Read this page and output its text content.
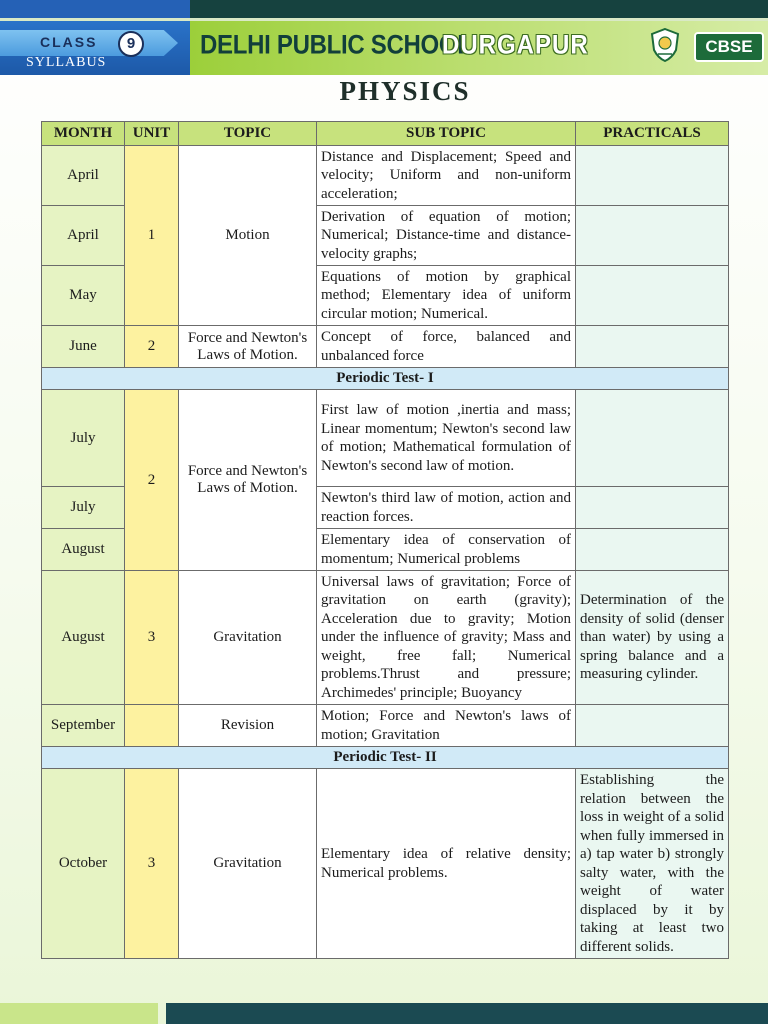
CLASS	9
SYLLABUS
DELHI PUBLIC SCHOOL
DURGAPUR	CBSE
PHYSICS
MONTH	UNIT	TOPIC	SUB TOPIC	PRACTICALS
April	1	Motion	Distance and Displacement; Speed and velocity; Uniform and non-uniform acceleration;	
April			Derivation of equation of motion; Numerical; Distance-time and distance- velocity graphs;	
May			Equations of motion by graphical method; Elementary idea of uniform circular motion; Numerical.	
June	2	Force and Newton's Laws of Motion.	Concept of force, balanced and unbalanced force	
Periodic Test- I				
July	2	Force and Newton's Laws of Motion.	First law of motion ,inertia and mass; Linear momentum; Newton's second law of motion; Mathematical formulation of Newton's second law of motion.	
July			Newton's third law of motion, action and reaction forces.	
August			Elementary idea of conservation of momentum; Numerical problems	
August	3	Gravitation	Universal laws of gravitation; Force of gravitation on earth (gravity); Acceleration due to gravity; Motion under the influence of gravity; Mass and weight, free fall; Numerical problems.Thrust and pressure; Archimedes' principle; Buoyancy	Determination of the density of solid (denser than water) by using a spring balance and a measuring cylinder.
September		Revision	Motion; Force and Newton's laws of motion; Gravitation	
Periodic Test- II				
October	3	Gravitation	Elementary idea of relative density; Numerical problems.	Establishing the relation between the loss in weight of a solid when fully immersed in a) tap water b) strongly salty water, with the weight of water displaced by it by taking at least two different solids.
